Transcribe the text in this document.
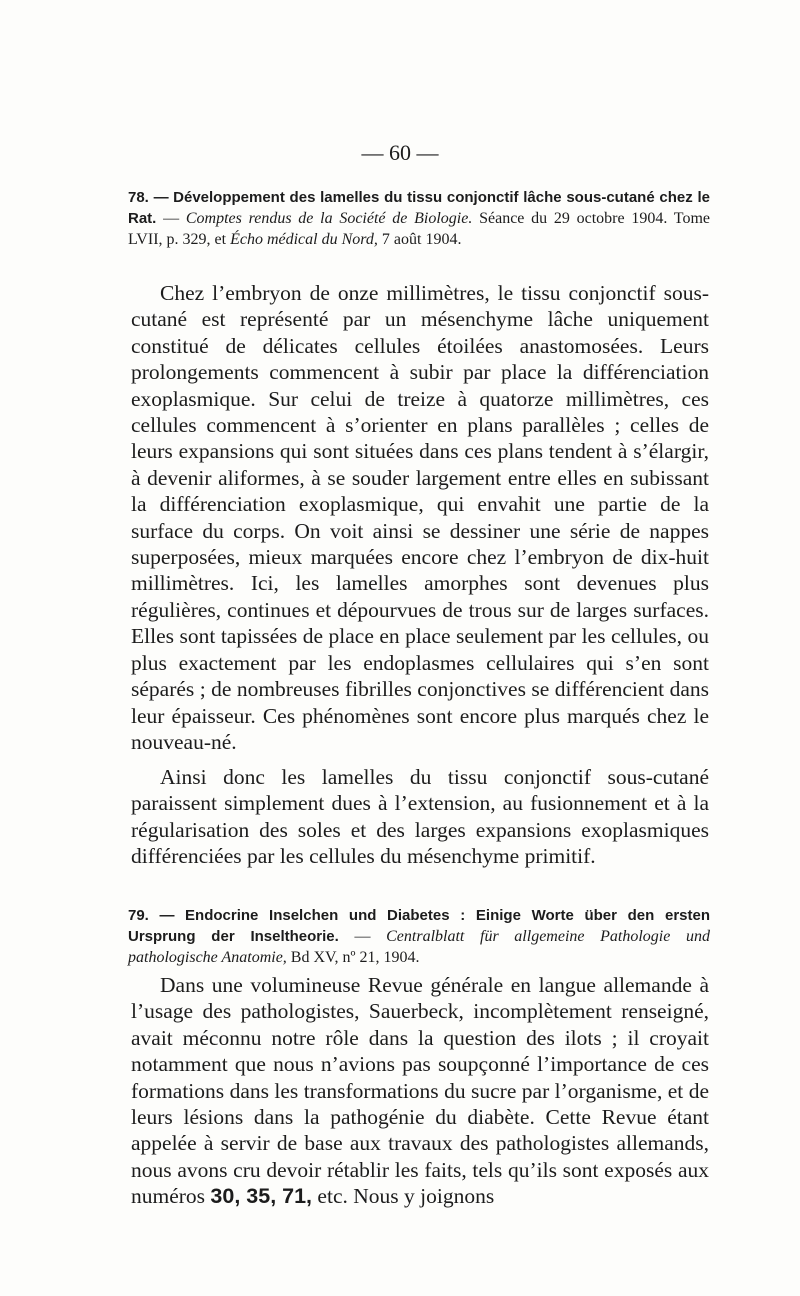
— 60 —
78. — Développement des lamelles du tissu conjonctif lâche sous-cutané chez le Rat. — Comptes rendus de la Société de Biologie. Séance du 29 octobre 1904. Tome LVII, p. 329, et Écho médical du Nord, 7 août 1904.

Chez l’embryon de onze millimètres, le tissu conjonctif sous-cutané est représenté par un mésenchyme lâche uniquement constitué de délicates cellules étoilées anastomosées. Leurs prolongements commencent à subir par place la différenciation exoplasmique. Sur celui de treize à quatorze millimètres, ces cellules commencent à s’orienter en plans parallèles ; celles de leurs expansions qui sont situées dans ces plans tendent à s’élargir, à devenir aliformes, à se souder largement entre elles en subissant la différenciation exoplasmique, qui envahit une partie de la surface du corps. On voit ainsi se dessiner une série de nappes superposées, mieux marquées encore chez l’embryon de dix-huit millimètres. Ici, les lamelles amorphes sont devenues plus régulières, continues et dépourvues de trous sur de larges surfaces. Elles sont tapissées de place en place seulement par les cellules, ou plus exactement par les endoplasmes cellulaires qui s’en sont séparés ; de nombreuses fibrilles conjonctives se différencient dans leur épaisseur. Ces phénomènes sont encore plus marqués chez le nouveau-né.

Ainsi donc les lamelles du tissu conjonctif sous-cutané paraissent simplement dues à l’extension, au fusionnement et à la régularisation des soles et des larges expansions exoplasmiques différenciées par les cellules du mésenchyme primitif.

79. — Endocrine Inselchen und Diabetes : Einige Worte über den ersten Ursprung der Inseltheorie. — Centralblatt für allgemeine Pathologie und pathologische Anatomie, Bd XV, nº 21, 1904.

Dans une volumineuse Revue générale en langue allemande à l’usage des pathologistes, Sauerbeck, incomplètement renseigné, avait méconnu notre rôle dans la question des ilots ; il croyait notamment que nous n’avions pas soupçonné l’importance de ces formations dans les transformations du sucre par l’organisme, et de leurs lésions dans la pathogénie du diabète. Cette Revue étant appelée à servir de base aux travaux des pathologistes allemands, nous avons cru devoir rétablir les faits, tels qu’ils sont exposés aux numéros 30, 35, 71, etc. Nous y joignons
